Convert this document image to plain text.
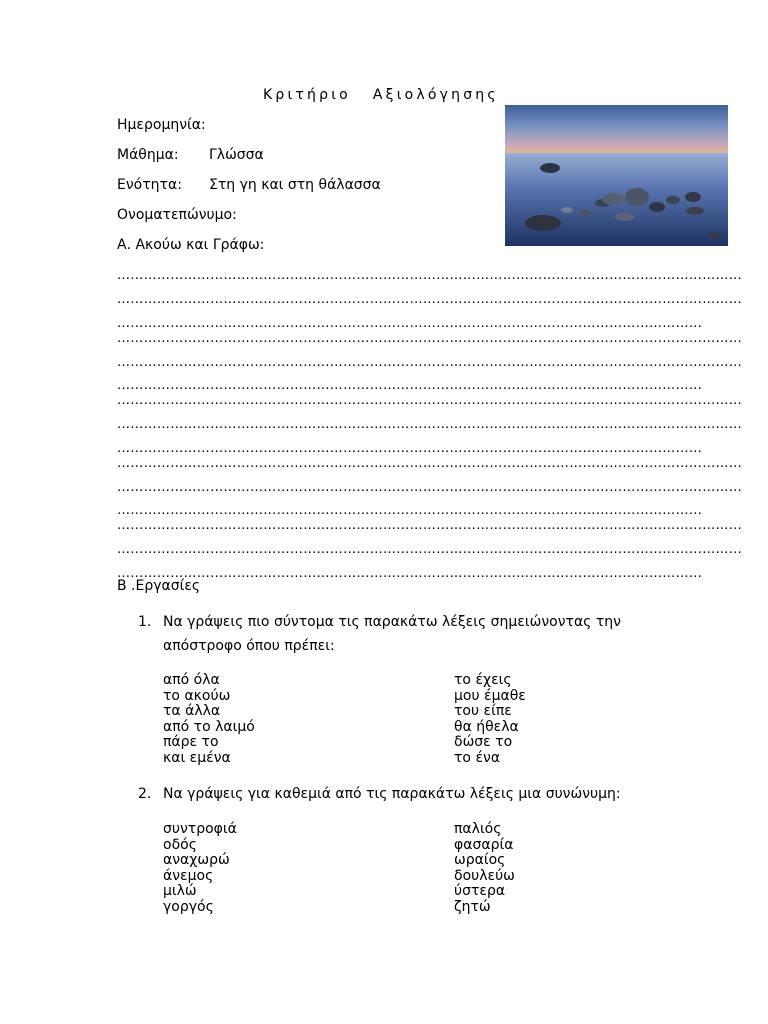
Κριτήριο Αξιολόγησης
Ημερομηνία:
Μάθημα: Γλώσσα
Ενότητα: Στη γη και στη θάλασσα
Ονοματεπώνυμο:
Α. Ακούω και Γράφω:
……………………………………………………………………………………………………………………………
……………………………………………………………………………………………………………………………
……………………………………………………………………………………………………………………
……………………………………………………………………………………………………………………………
……………………………………………………………………………………………………………………………
……………………………………………………………………………………………………………………
……………………………………………………………………………………………………………………………
……………………………………………………………………………………………………………………………
……………………………………………………………………………………………………………………
……………………………………………………………………………………………………………………………
……………………………………………………………………………………………………………………………
……………………………………………………………………………………………………………………
……………………………………………………………………………………………………………………………
……………………………………………………………………………………………………………………………
……………………………………………………………………………………………………………………
Β .Εργασίες
1. Να γράψεις πιο σύντομα τις παρακάτω λέξεις σημειώνοντας την
απόστροφο όπου πρέπει:
από όλα
το ακούω
τα άλλα
από το λαιμό
πάρε το
και εμένα
το έχεις
μου έμαθε
του είπε
θα ήθελα
δώσε το
το ένα
2. Να γράψεις για καθεμιά από τις παρακάτω λέξεις μια συνώνυμη:
συντροφιά
οδός
αναχωρώ
άνεμος
μιλώ
γοργός
παλιός
φασαρία
ωραίος
δουλεύω
ύστερα
ζητώ
